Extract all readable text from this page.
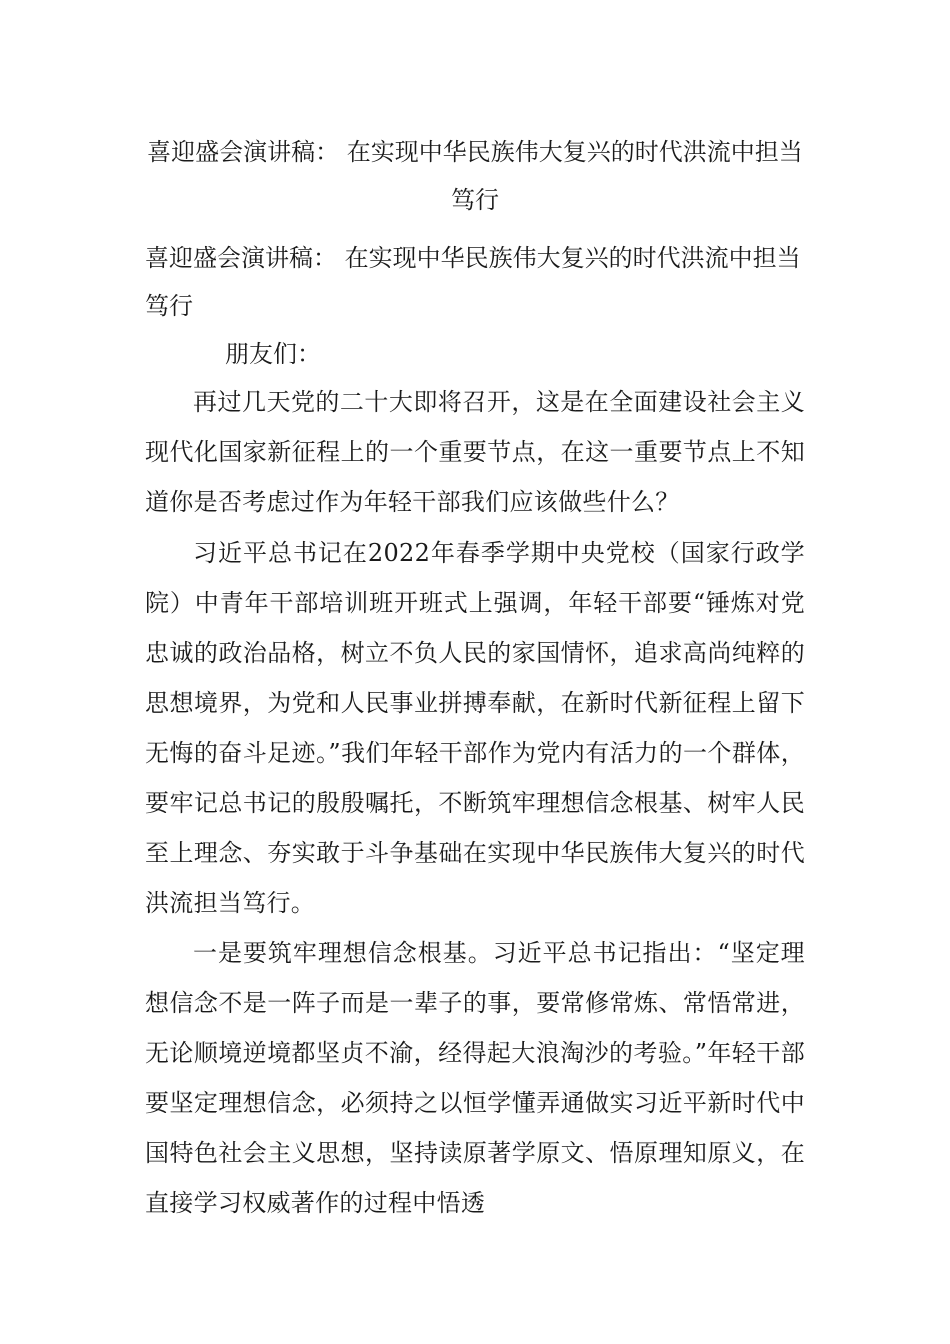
喜迎盛会演讲稿： 在实现中华民族伟大复兴的时代洪流中担当笃行

喜迎盛会演讲稿： 在实现中华民族伟大复兴的时代洪流中担当笃行

朋友们：

再过几天党的二十大即将召开，这是在全面建设社会主义现代化国家新征程上的一个重要节点，在这一重要节点上不知道你是否考虑过作为年轻干部我们应该做些什么？

习近平总书记在2022年春季学期中央党校（国家行政学院）中青年干部培训班开班式上强调，年轻干部要“锤炼对党忠诚的政治品格，树立不负人民的家国情怀，追求高尚纯粹的思想境界，为党和人民事业拼搏奉献，在新时代新征程上留下无悔的奋斗足迹。”我们年轻干部作为党内有活力的一个群体，要牢记总书记的殷殷嘱托，不断筑牢理想信念根基、树牢人民至上理念、夯实敢于斗争基础在实现中华民族伟大复兴的时代洪流担当笃行。

一是要筑牢理想信念根基。习近平总书记指出：“坚定理想信念不是一阵子而是一辈子的事，要常修常炼、常悟常进，无论顺境逆境都坚贞不渝，经得起大浪淘沙的考验。”年轻干部要坚定理想信念，必须持之以恒学懂弄通做实习近平新时代中国特色社会主义思想，坚持读原著学原文、悟原理知原义，在直接学习权威著作的过程中悟透
